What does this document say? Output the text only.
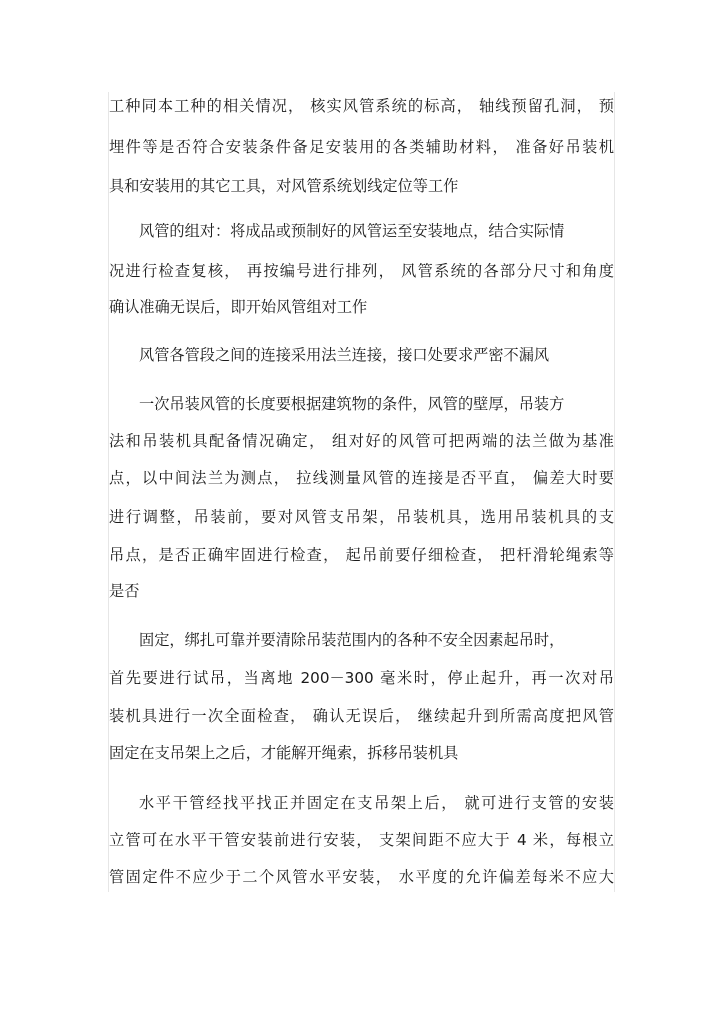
工种同本工种的相关情况， 核实风管系统的标高， 轴线预留孔洞， 预
埋件等是否符合安装条件备足安装用的各类辅助材料， 准备好吊装机
具和安装用的其它工具，对风管系统划线定位等工作
风管的组对：将成品或预制好的风管运至安装地点，结合实际情
况进行检查复核， 再按编号进行排列， 风管系统的各部分尺寸和角度
确认准确无误后，即开始风管组对工作
风管各管段之间的连接采用法兰连接，接口处要求严密不漏风
一次吊装风管的长度要根据建筑物的条件，风管的壁厚，吊装方
法和吊装机具配备情况确定， 组对好的风管可把两端的法兰做为基准
点，以中间法兰为测点， 拉线测量风管的连接是否平直， 偏差大时要
进行调整，吊装前，要对风管支吊架，吊装机具，选用吊装机具的支
吊点，是否正确牢固进行检查， 起吊前要仔细检查， 把杆滑轮绳索等
是否
固定，绑扎可靠并要清除吊装范围内的各种不安全因素起吊时，
首先要进行试吊，当离地 200－300 毫米时，停止起升，再一次对吊
装机具进行一次全面检查， 确认无误后， 继续起升到所需高度把风管
固定在支吊架上之后，才能解开绳索，拆移吊装机具
水平干管经找平找正并固定在支吊架上后， 就可进行支管的安装
立管可在水平干管安装前进行安装， 支架间距不应大于 4 米，每根立
管固定件不应少于二个风管水平安装， 水平度的允许偏差每米不应大
